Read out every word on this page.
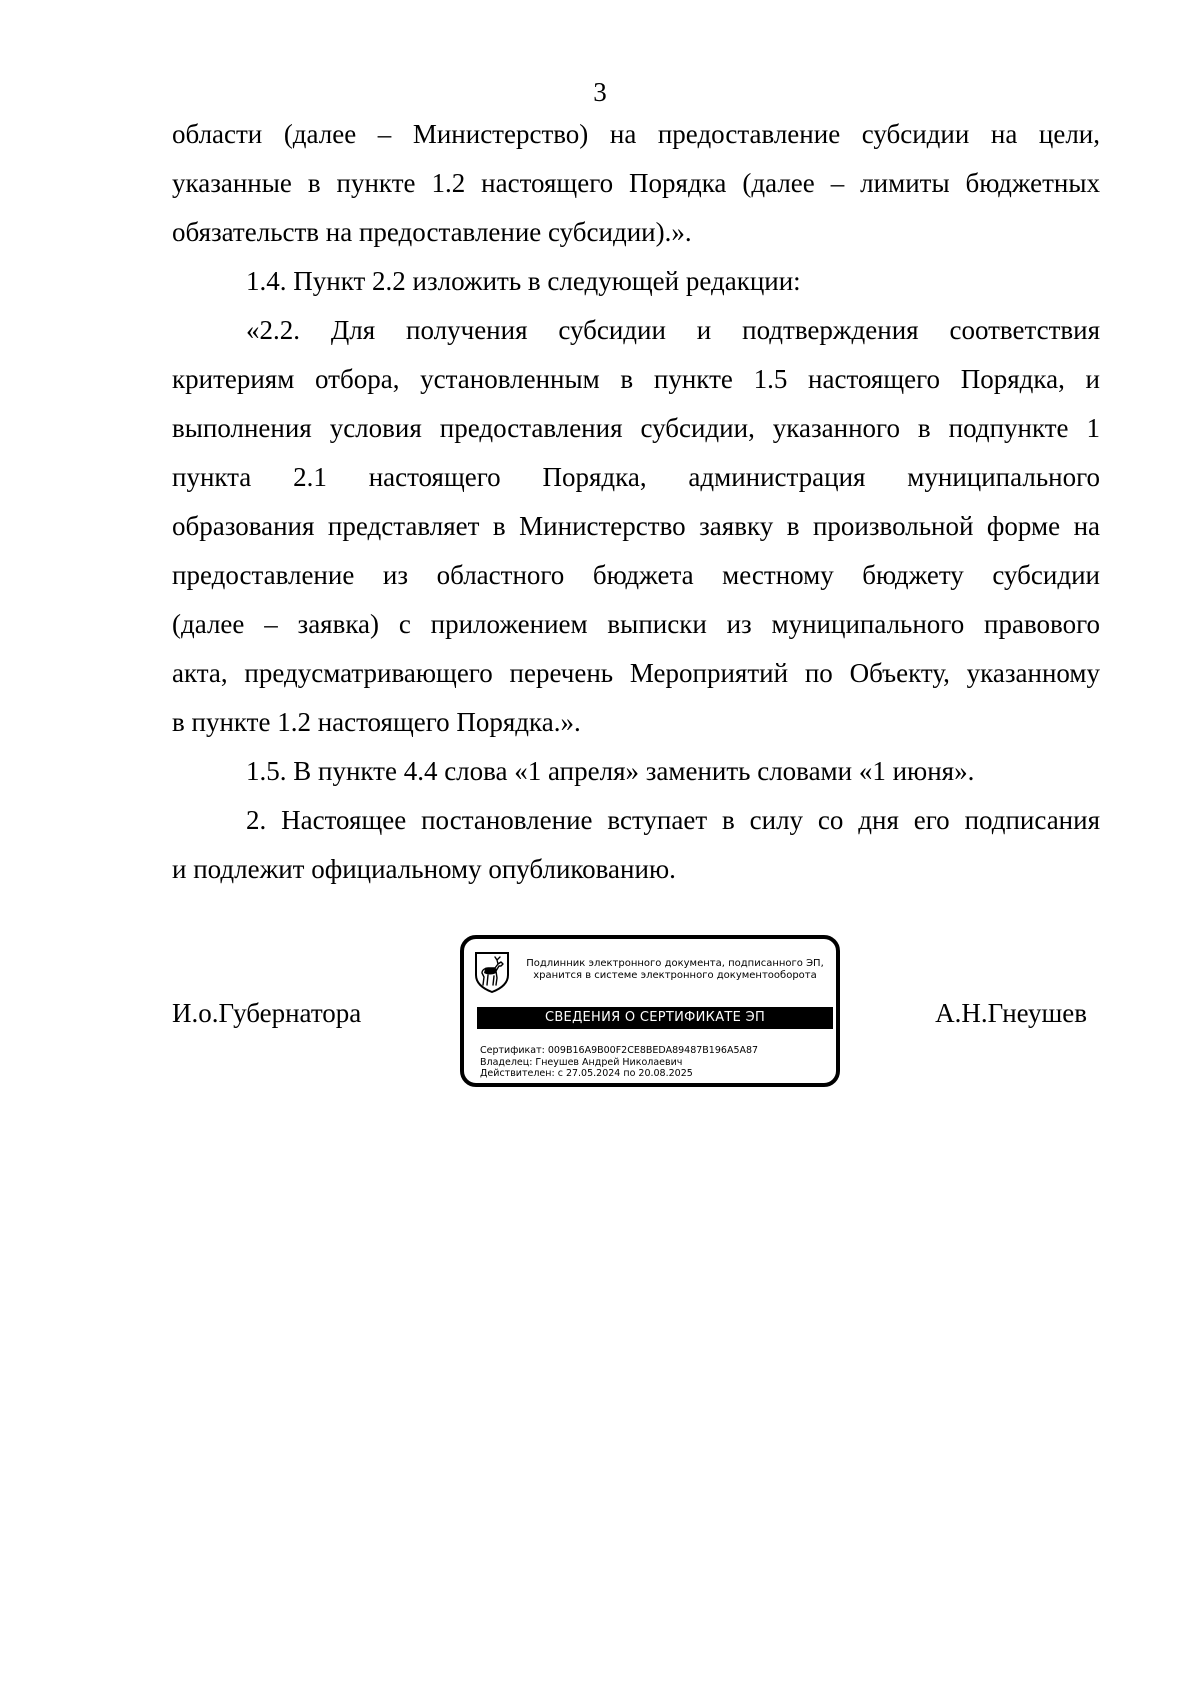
3

области (далее – Министерство) на предоставление субсидии на цели,

указанные в пункте 1.2 настоящего Порядка (далее – лимиты бюджетных

обязательств на предоставление субсидии).».

1.4. Пункт 2.2 изложить в следующей редакции:

«2.2. Для получения субсидии и подтверждения соответствия

критериям отбора, установленным в пункте 1.5 настоящего Порядка, и

выполнения условия предоставления субсидии, указанного в подпункте 1

пункта 2.1 настоящего Порядка, администрация муниципального

образования представляет в Министерство заявку в произвольной форме на

предоставление из областного бюджета местному бюджету субсидии

(далее – заявка) с приложением выписки из муниципального правового

акта, предусматривающего перечень Мероприятий по Объекту, указанному

в пункте 1.2 настоящего Порядка.».

1.5. В пункте 4.4 слова «1 апреля» заменить словами «1 июня».

2. Настоящее постановление вступает в силу со дня его подписания

и подлежит официальному опубликованию.

И.о.Губернатора
Подлинник электронного документа, подписанного ЭП,
хранится в системе электронного документооборота
СВЕДЕНИЯ О СЕРТИФИКАТЕ ЭП
Сертификат: 009B16A9B00F2CE8BEDA89487B196A5A87
Владелец: Гнеушев Андрей Николаевич
Действителен: с 27.05.2024 по 20.08.2025
А.Н.Гнеушев
